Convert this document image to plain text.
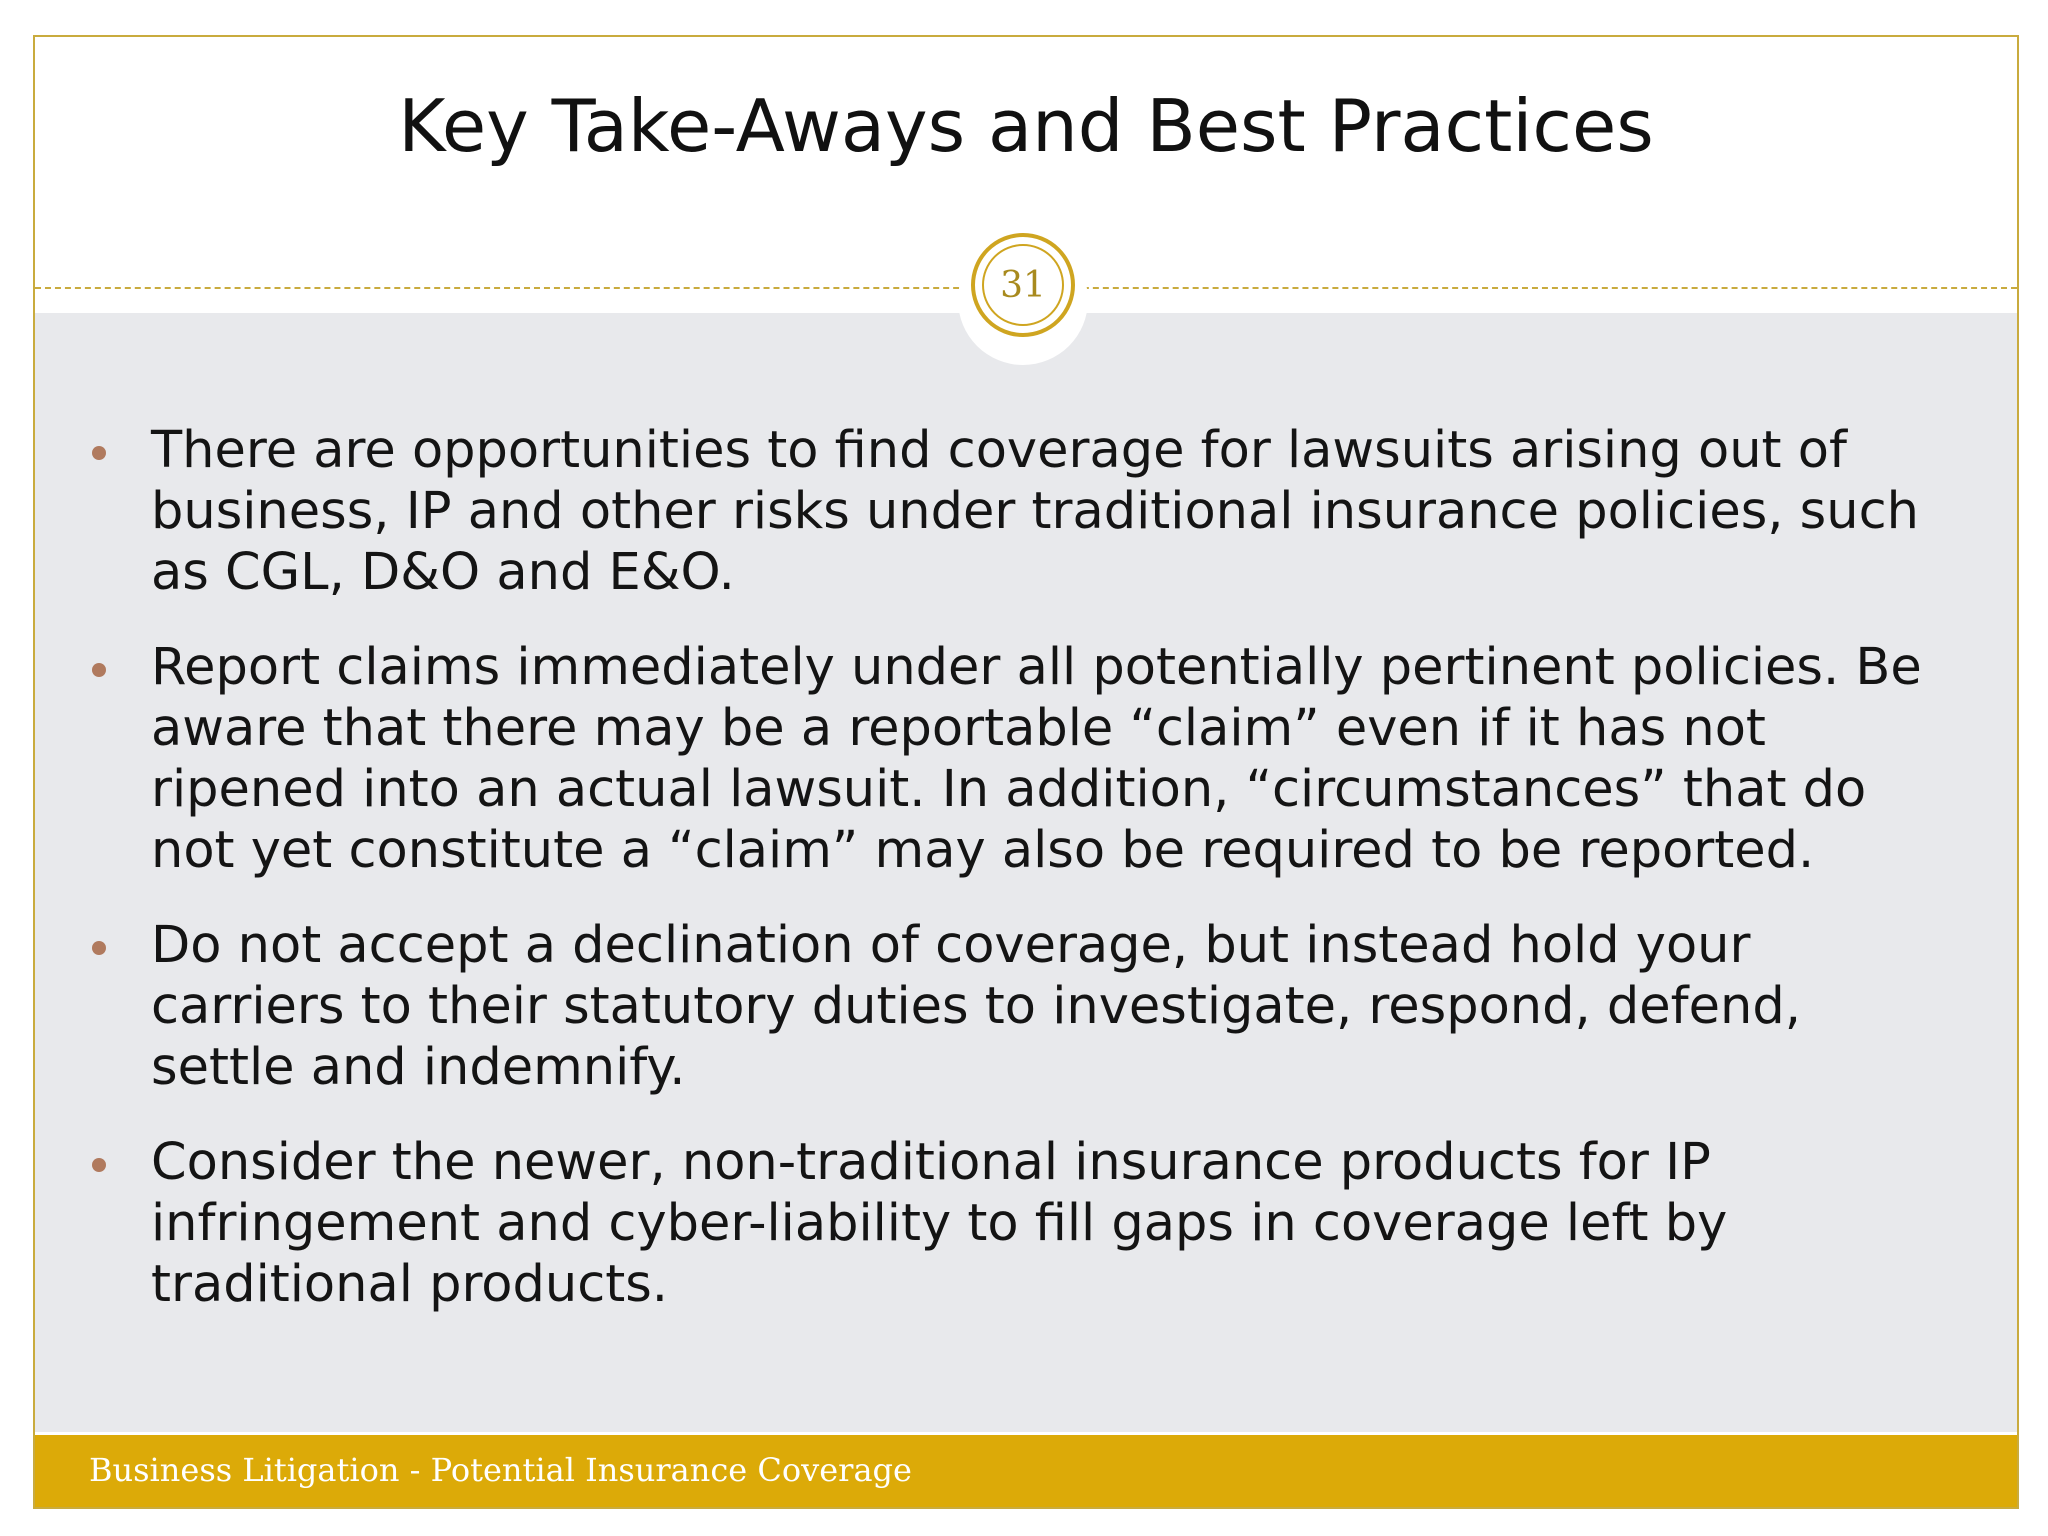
Key Take-Aways and Best Practices
31
There are opportunities to find coverage for lawsuits arising out of business, IP and other risks under traditional insurance policies, such as CGL, D&O and E&O.
Report claims immediately under all potentially pertinent policies. Be aware that there may be a reportable “claim” even if it has not ripened into an actual lawsuit. In addition, “circumstances” that do not yet constitute a “claim” may also be required to be reported.
Do not accept a declination of coverage, but instead hold your carriers to their statutory duties to investigate, respond, defend, settle and indemnify.
Consider the newer, non-traditional insurance products for IP infringement and cyber-liability to fill gaps in coverage left by traditional products.
Business Litigation - Potential Insurance Coverage
